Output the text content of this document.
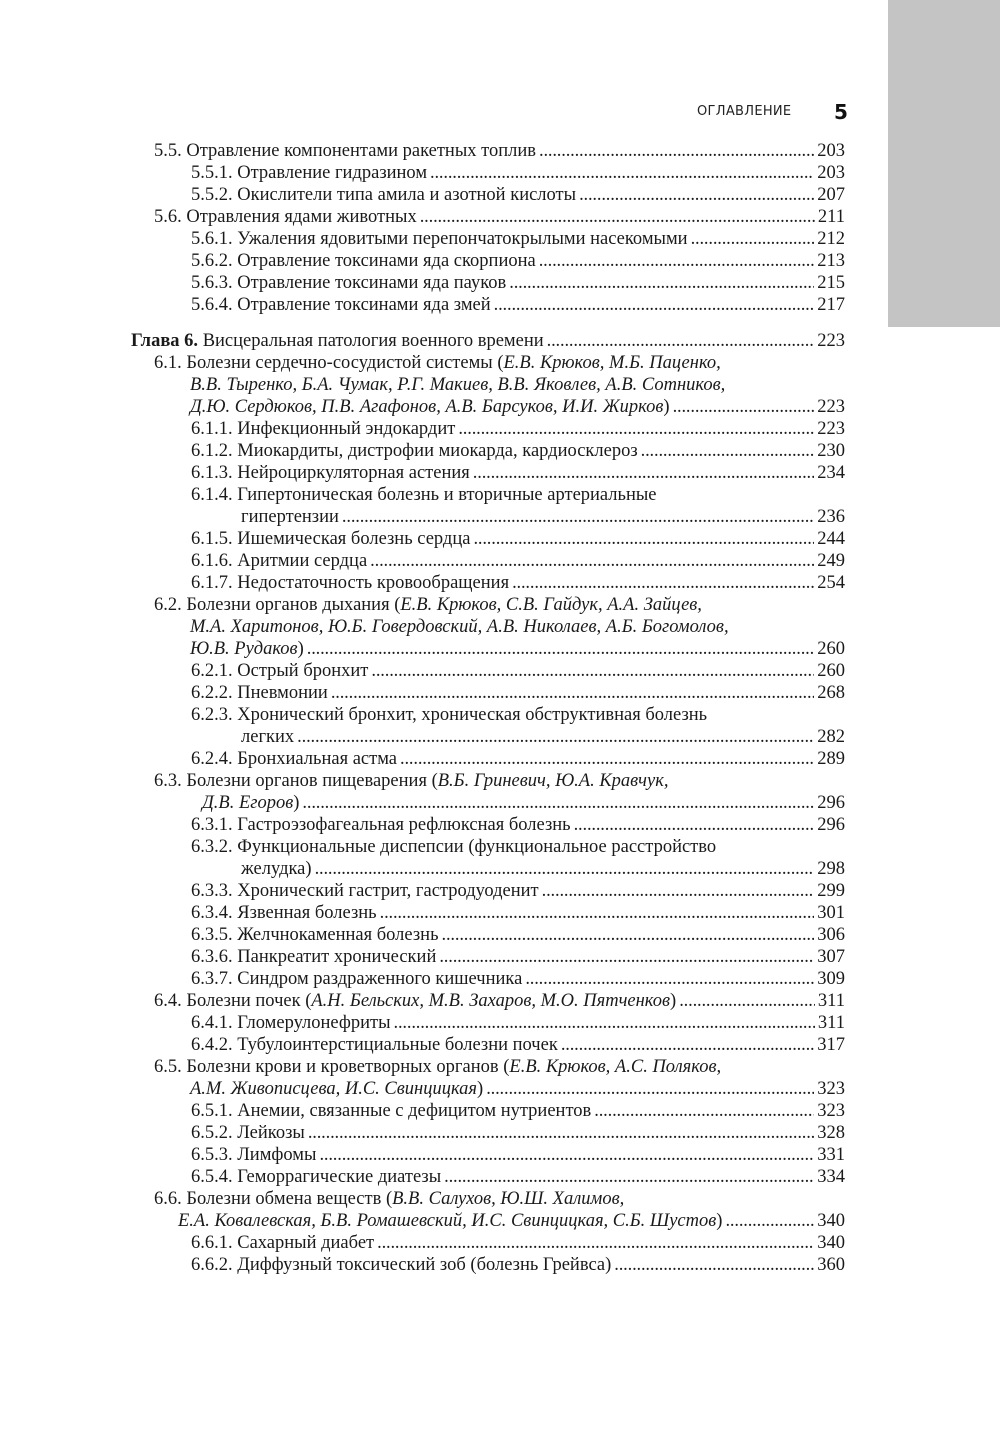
ОГЛАВЛЕНИЕ 5
5.5. Отравление компонентами ракетных топлив . . .	203
5.5.1. Отравление гидразином . . .	203
5.5.2. Окислители типа амила и азотной кислоты . . .	207
5.6. Отравления ядами животных . . .	211
5.6.1. Ужаления ядовитыми перепончатокрылыми насекомыми . . .	212
5.6.2. Отравление токсинами яда скорпиона . . .	213
5.6.3. Отравление токсинами яда пауков . . .	215
5.6.4. Отравление токсинами яда змей . . .	217
Глава 6. Висцеральная патология военного времени . . .	223
6.1. Болезни сердечно-сосудистой системы (Е.В. Крюков, М.Б. Паценко,
В.В. Тыренко, Б.А. Чумак, Р.Г. Макиев, В.В. Яковлев, А.В. Сотников,
Д.Ю. Сердюков, П.В. Агафонов, А.В. Барсуков, И.И. Жирков) . . .	223
6.1.1. Инфекционный эндокардит . . .	223
6.1.2. Миокардиты, дистрофии миокарда, кардиосклероз . . .	230
6.1.3. Нейроциркуляторная астения . . .	234
6.1.4. Гипертоническая болезнь и вторичные артериальные
гипертензии . . .	236
6.1.5. Ишемическая болезнь сердца . . .	244
6.1.6. Аритмии сердца . . .	249
6.1.7. Недостаточность кровообращения . . .	254
6.2. Болезни органов дыхания (Е.В. Крюков, С.В. Гайдук, А.А. Зайцев,
М.А. Харитонов, Ю.Б. Говердовский, А.В. Николаев, А.Б. Богомолов,
Ю.В. Рудаков) . . .	260
6.2.1. Острый бронхит . . .	260
6.2.2. Пневмонии . . .	268
6.2.3. Хронический бронхит, хроническая обструктивная болезнь
легких . . .	282
6.2.4. Бронхиальная астма . . .	289
6.3. Болезни органов пищеварения (В.Б. Гриневич, Ю.А. Кравчук,
Д.В. Егоров) . . .	296
6.3.1. Гастроэзофагеальная рефлюксная болезнь . . .	296
6.3.2. Функциональные диспепсии (функциональное расстройство
желудка) . . .	298
6.3.3. Хронический гастрит, гастродуоденит . . .	299
6.3.4. Язвенная болезнь . . .	301
6.3.5. Желчнокаменная болезнь . . .	306
6.3.6. Панкреатит хронический . . .	307
6.3.7. Синдром раздраженного кишечника . . .	309
6.4. Болезни почек (А.Н. Бельских, М.В. Захаров, М.О. Пятченков) . . .	311
6.4.1. Гломерулонефриты . . .	311
6.4.2. Тубулоинтерстициальные болезни почек . . .	317
6.5. Болезни крови и кроветворных органов (Е.В. Крюков, А.С. Поляков,
А.М. Живописцева, И.С. Свинцицкая) . . .	323
6.5.1. Анемии, связанные с дефицитом нутриентов . . .	323
6.5.2. Лейкозы . . .	328
6.5.3. Лимфомы . . .	331
6.5.4. Геморрагические диатезы . . .	334
6.6. Болезни обмена веществ (В.В. Салухов, Ю.Ш. Халимов,
Е.А. Ковалевская, Б.В. Ромашевский, И.С. Свинцицкая, С.Б. Шустов) . . .	340
6.6.1. Сахарный диабет . . .	340
6.6.2. Диффузный токсический зоб (болезнь Грейвса) . . .	360
